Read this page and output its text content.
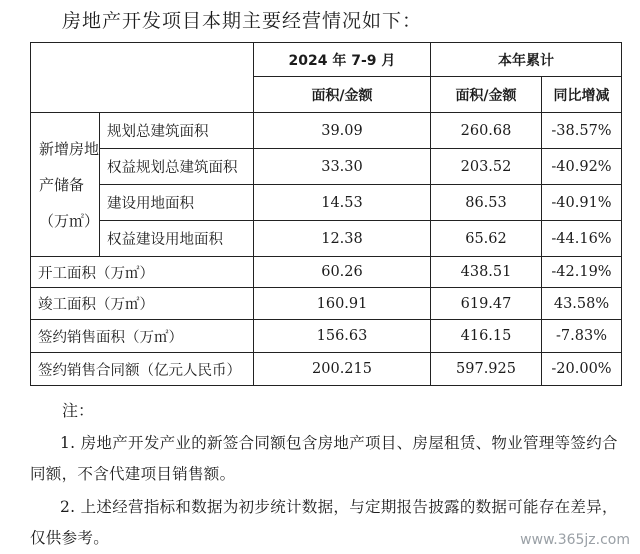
房地产开发项目本期主要经营情况如下：
		2024 年 7-9 月	本年累计	
		面积/金额	面积/金额	同比增减
新增房地产储备（万㎡）	规划总建筑面积	39.09	260.68	-38.57%
	权益规划总建筑面积	33.30	203.52	-40.92%
	建设用地面积	14.53	86.53	-40.91%
	权益建设用地面积	12.38	65.62	-44.16%
开工面积（万㎡）		60.26	438.51	-42.19%
竣工面积（万㎡）		160.91	619.47	43.58%
签约销售面积（万㎡）		156.63	416.15	-7.83%
签约销售合同额（亿元人民币）		200.215	597.925	-20.00%
注：
1. 房地产开发产业的新签合同额包含房地产项目、房屋租赁、物业管理等签约合同额，不含代建项目销售额。
2. 上述经营指标和数据为初步统计数据，与定期报告披露的数据可能存在差异，仅供参考。	www.365jz.com
